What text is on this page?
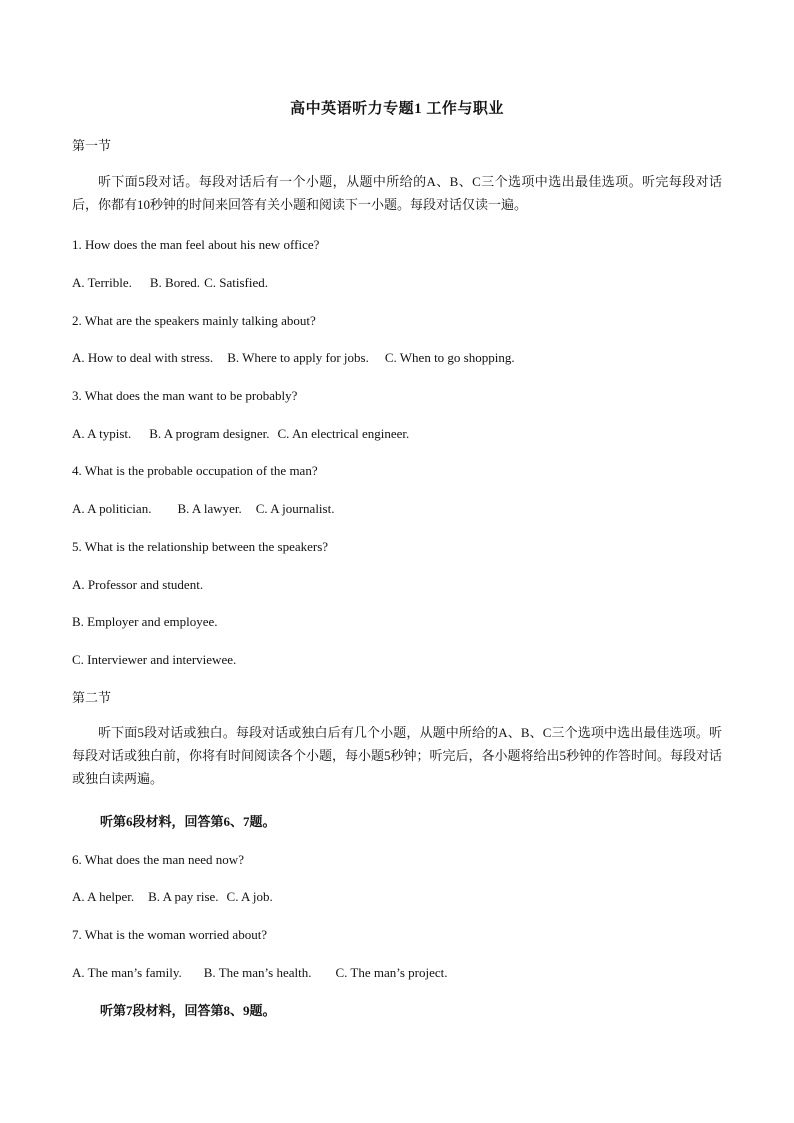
高中英语听力专题1 工作与职业
第一节
听下面5段对话。每段对话后有一个小题，从题中所给的A、B、C三个选项中选出最佳选项。听完每段对话后，你都有10秒钟的时间来回答有关小题和阅读下一小题。每段对话仅读一遍。
1. How does the man feel about his new office?
A. Terrible. B. Bored. C. Satisfied.
2. What are the speakers mainly talking about?
A. How to deal with stress. B. Where to apply for jobs. C. When to go shopping.
3. What does the man want to be probably?
A. A typist. B. A program designer. C. An electrical engineer.
4. What is the probable occupation of the man?
A. A politician. B. A lawyer. C. A journalist.
5. What is the relationship between the speakers?
A. Professor and student.
B. Employer and employee.
C. Interviewer and interviewee.
第二节
听下面5段对话或独白。每段对话或独白后有几个小题，从题中所给的A、B、C三个选项中选出最佳选项。听每段对话或独白前，你将有时间阅读各个小题，每小题5秒钟；听完后，各小题将给出5秒钟的作答时间。每段对话或独白读两遍。
听第6段材料，回答第6、7题。
6. What does the man need now?
A. A helper. B. A pay rise. C. A job.
7. What is the woman worried about?
A. The man’s family. B. The man’s health. C. The man’s project.
听第7段材料，回答第8、9题。
